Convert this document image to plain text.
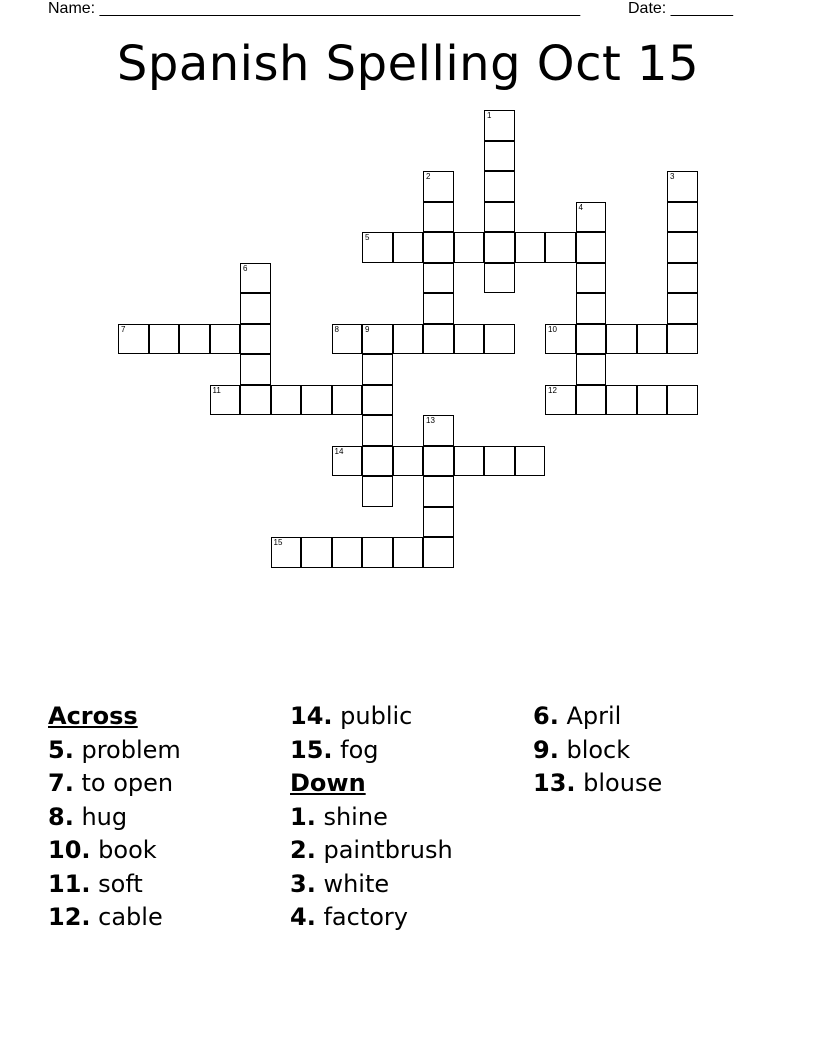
Name: ______________________________________________________	Date: _______
Spanish Spelling Oct 15
1
2	3
4
5
6
7	8	9	10
11	12
13
14
15
Across
5. problem
7. to open
8. hug
10. book
11. soft
12. cable
14. public
15. fog
Down
1. shine
2. paintbrush
3. white
4. factory
6. April
9. block
13. blouse
